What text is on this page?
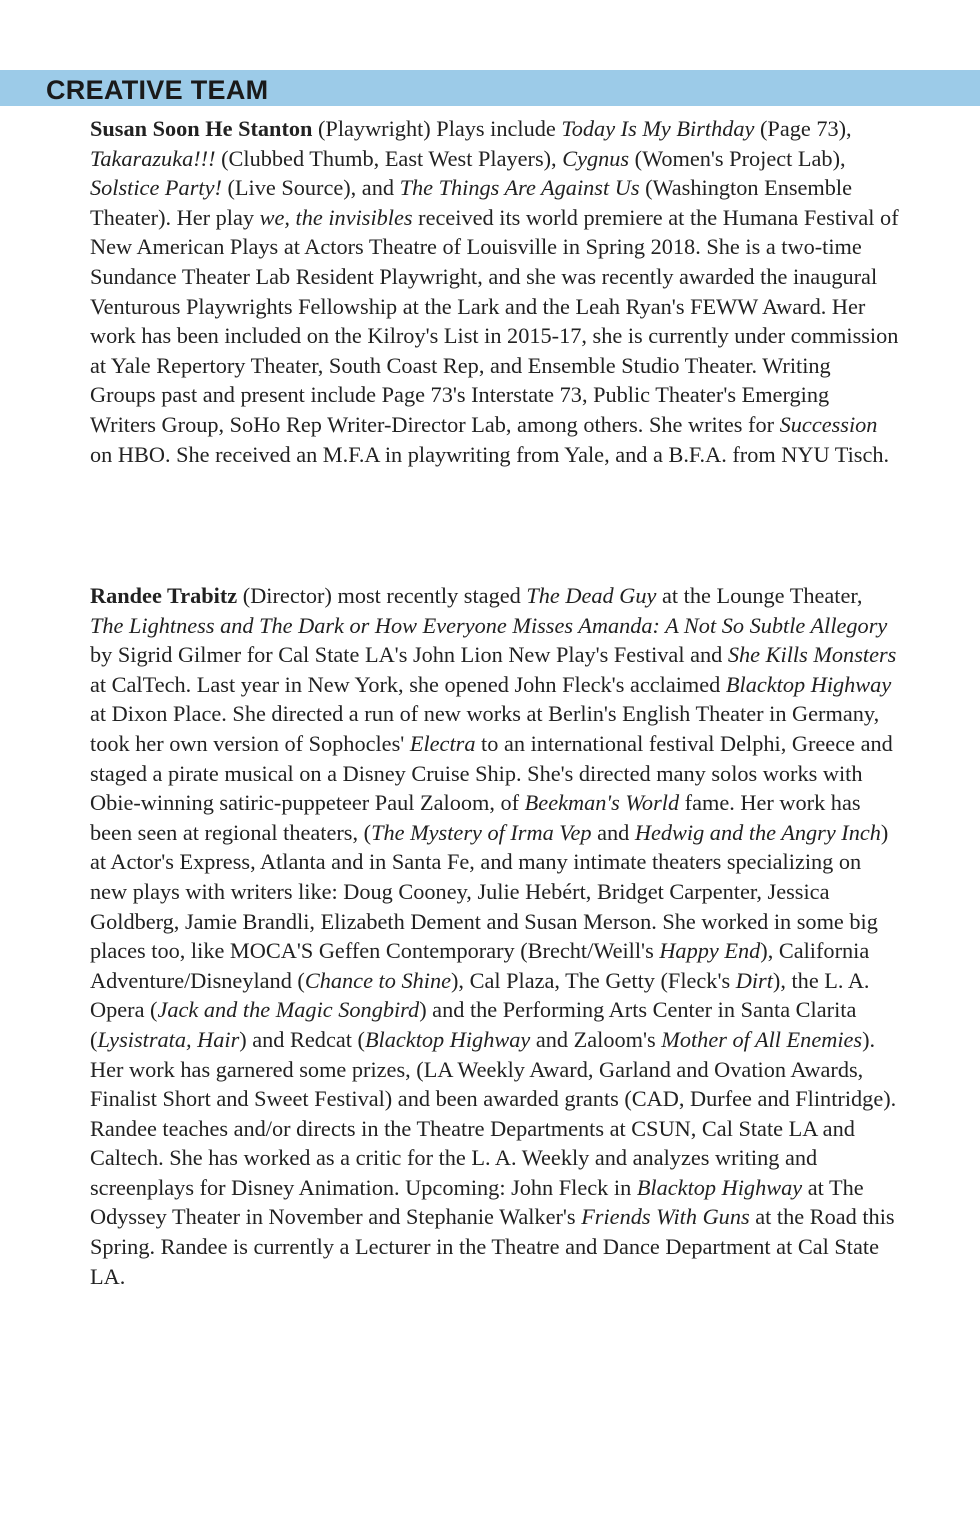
CREATIVE TEAM

Susan Soon He Stanton (Playwright) Plays include Today Is My Birthday (Page 73), Takarazuka!!! (Clubbed Thumb, East West Players), Cygnus (Women's Project Lab), Solstice Party! (Live Source), and The Things Are Against Us (Washington Ensemble Theater). Her play we, the invisibles received its world premiere at the Humana Festival of New American Plays at Actors Theatre of Louisville in Spring 2018. She is a two-time Sundance Theater Lab Resident Playwright, and she was recently awarded the inaugural Venturous Playwrights Fellowship at the Lark and the Leah Ryan's FEWW Award. Her work has been included on the Kilroy's List in 2015-17, she is currently under commission at Yale Repertory Theater, South Coast Rep, and Ensemble Studio Theater. Writing Groups past and present include Page 73's Interstate 73, Public Theater's Emerging Writers Group, SoHo Rep Writer-Director Lab, among others. She writes for Succession on HBO. She received an M.F.A in playwriting from Yale, and a B.F.A. from NYU Tisch.

Randee Trabitz (Director) most recently staged The Dead Guy at the Lounge Theater, The Lightness and The Dark or How Everyone Misses Amanda: A Not So Subtle Allegory by Sigrid Gilmer for Cal State LA's John Lion New Play's Festival and She Kills Monsters at CalTech. Last year in New York, she opened John Fleck's acclaimed Blacktop Highway at Dixon Place. She directed a run of new works at Berlin's English Theater in Germany, took her own version of Sophocles' Electra to an international festival Delphi, Greece and staged a pirate musical on a Disney Cruise Ship. She's directed many solos works with Obie-winning satiric-puppeteer Paul Zaloom, of Beekman's World fame. Her work has been seen at regional theaters, (The Mystery of Irma Vep and Hedwig and the Angry Inch) at Actor's Express, Atlanta and in Santa Fe, and many intimate theaters specializing on new plays with writers like: Doug Cooney, Julie Hebért, Bridget Carpenter, Jessica Goldberg, Jamie Brandli, Elizabeth Dement and Susan Merson. She worked in some big places too, like MOCA'S Geffen Contemporary (Brecht/Weill's Happy End), California Adventure/Disneyland (Chance to Shine), Cal Plaza, The Getty (Fleck's Dirt), the L. A. Opera (Jack and the Magic Songbird) and the Performing Arts Center in Santa Clarita (Lysistrata, Hair) and Redcat (Blacktop Highway and Zaloom's Mother of All Enemies). Her work has garnered some prizes, (LA Weekly Award, Garland and Ovation Awards, Finalist Short and Sweet Festival) and been awarded grants (CAD, Durfee and Flintridge). Randee teaches and/or directs in the Theatre Departments at CSUN, Cal State LA and Caltech. She has worked as a critic for the L. A. Weekly and analyzes writing and screenplays for Disney Animation. Upcoming: John Fleck in Blacktop Highway at The Odyssey Theater in November and Stephanie Walker's Friends With Guns at the Road this Spring. Randee is currently a Lecturer in the Theatre and Dance Department at Cal State LA.
